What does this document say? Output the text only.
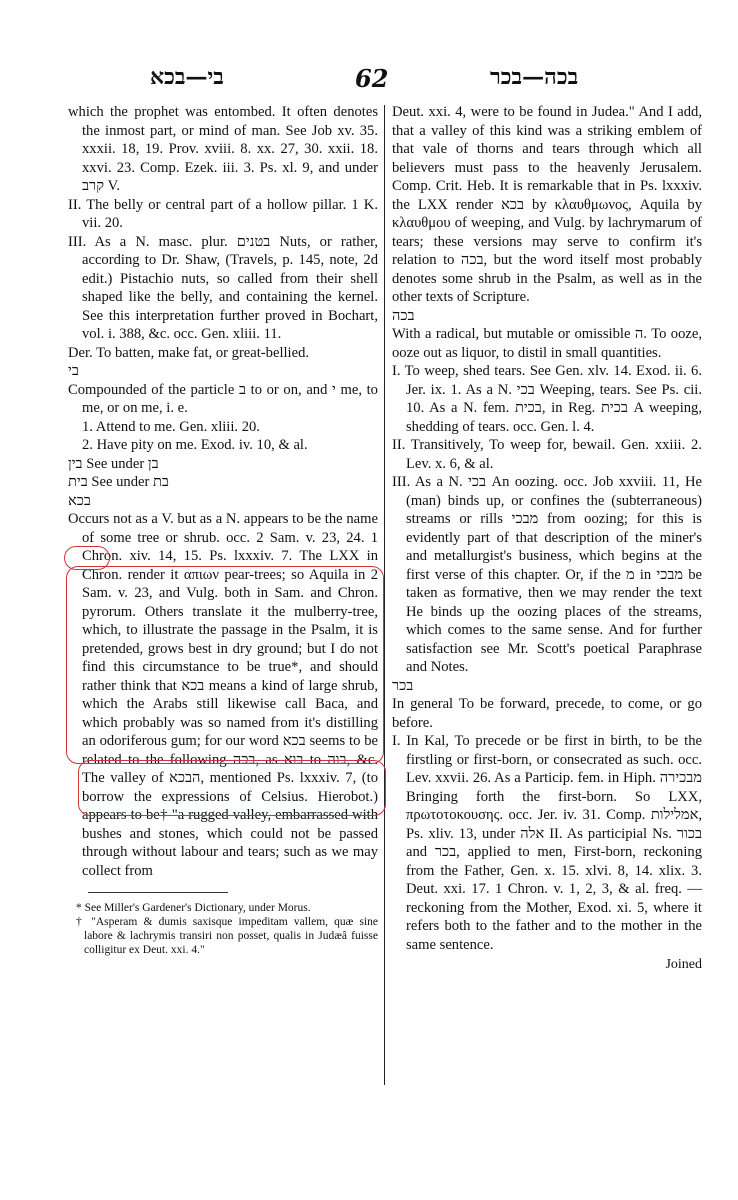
בי—בכא	62	בכה—בכר

which the prophet was entombed. It often denotes the inmost part, or mind of man. See Job xv. 35. xxxii. 18, 19. Prov. xviii. 8. xx. 27, 30. xxii. 18. xxvi. 23. Comp. Ezek. iii. 3. Ps. xl. 9, and under קרב V.

II. The belly or central part of a hollow pillar. 1 K. vii. 20.

III. As a N. masc. plur. בטנים Nuts, or rather, according to Dr. Shaw, (Travels, p. 145, note, 2d edit.) Pistachio nuts, so called from their shell shaped like the belly, and containing the kernel. See this interpretation further proved in Bochart, vol. i. 388, &c. occ. Gen. xliii. 11.

Der. To batten, make fat, or great-bellied.

בי

Compounded of the particle ב to or on, and י me, to me, or on me, i. e.

1. Attend to me. Gen. xliii. 20.

2. Have pity on me. Exod. iv. 10, & al.

בין See under בן

בית See under בת

בכא

Occurs not as a V. but as a N. appears to be the name of some tree or shrub. occ. 2 Sam. v. 23, 24. 1 Chron. xiv. 14, 15. Ps. lxxxiv. 7. The LXX in Chron. render it απιων pear-trees; so Aquila in 2 Sam. v. 23, and Vulg. both in Sam. and Chron. pyrorum. Others translate it the mulberry-tree, which, to illustrate the passage in the Psalm, it is pretended, grows best in dry ground; but I do not find this circumstance to be true*, and should rather think that בכא means a kind of large shrub, which the Arabs still likewise call Baca, and which probably was so named from it's distilling an odoriferous gum; for our word בכא seems to be related to the following בכה, as בוא to בוה, &c. The valley of הבכא, mentioned Ps. lxxxiv. 7, (to borrow the expressions of Celsius. Hierobot.) appears to be† "a rugged valley, embarrassed with bushes and stones, which could not be passed through without labour and tears; such as we may collect from

* See Miller's Gardener's Dictionary, under Morus.

† "Asperam & dumis saxisque impeditam vallem, quæ sine labore & lachrymis transiri non posset, qualis in Judæâ fuisse colligitur ex Deut. xxi. 4."

Deut. xxi. 4, were to be found in Judea." And I add, that a valley of this kind was a striking emblem of that vale of thorns and tears through which all believers must pass to the heavenly Jerusalem. Comp. Crit. Heb. It is remarkable that in Ps. lxxxiv. the LXX render בכא by κλαυθμωνος, Aquila by κλαυθμου of weeping, and Vulg. by lachrymarum of tears; these versions may serve to confirm it's relation to בכה, but the word itself most probably denotes some shrub in the Psalm, as well as in the other texts of Scripture.

בכה

With a radical, but mutable or omissible ה. To ooze, ooze out as liquor, to distil in small quantities.

I. To weep, shed tears. See Gen. xlv. 14. Exod. ii. 6. Jer. ix. 1. As a N. בכי Weeping, tears. See Ps. cii. 10. As a N. fem. בכית, in Reg. בכית A weeping, shedding of tears. occ. Gen. l. 4.

II. Transitively, To weep for, bewail. Gen. xxiii. 2. Lev. x. 6, & al.

III. As a N. בכי An oozing. occ. Job xxviii. 11, He (man) binds up, or confines the (subterraneous) streams or rills מבכי from oozing; for this is evidently part of that description of the miner's and metallurgist's business, which begins at the first verse of this chapter. Or, if the מ in מבכי be taken as formative, then we may render the text He binds up the oozing places of the streams, which comes to the same sense. And for further satisfaction see Mr. Scott's poetical Paraphrase and Notes.

בכר

In general To be forward, precede, to come, or go before.

I. In Kal, To precede or be first in birth, to be the firstling or first-born, or consecrated as such. occ. Lev. xxvii. 26. As a Particip. fem. in Hiph. מבכירה Bringing forth the first-born. So LXX, πρωτοτοκουσης. occ. Jer. iv. 31. Comp. אמלילות, Ps. xliv. 13, under אלה II. As participial Ns. בכור and בכר, applied to men, First-born, reckoning from the Father, Gen. x. 15. xlvi. 8, 14. xlix. 3. Deut. xxi. 17. 1 Chron. v. 1, 2, 3, & al. freq. —reckoning from the Mother, Exod. xi. 5, where it refers both to the father and to the mother in the same sentence.

Joined
